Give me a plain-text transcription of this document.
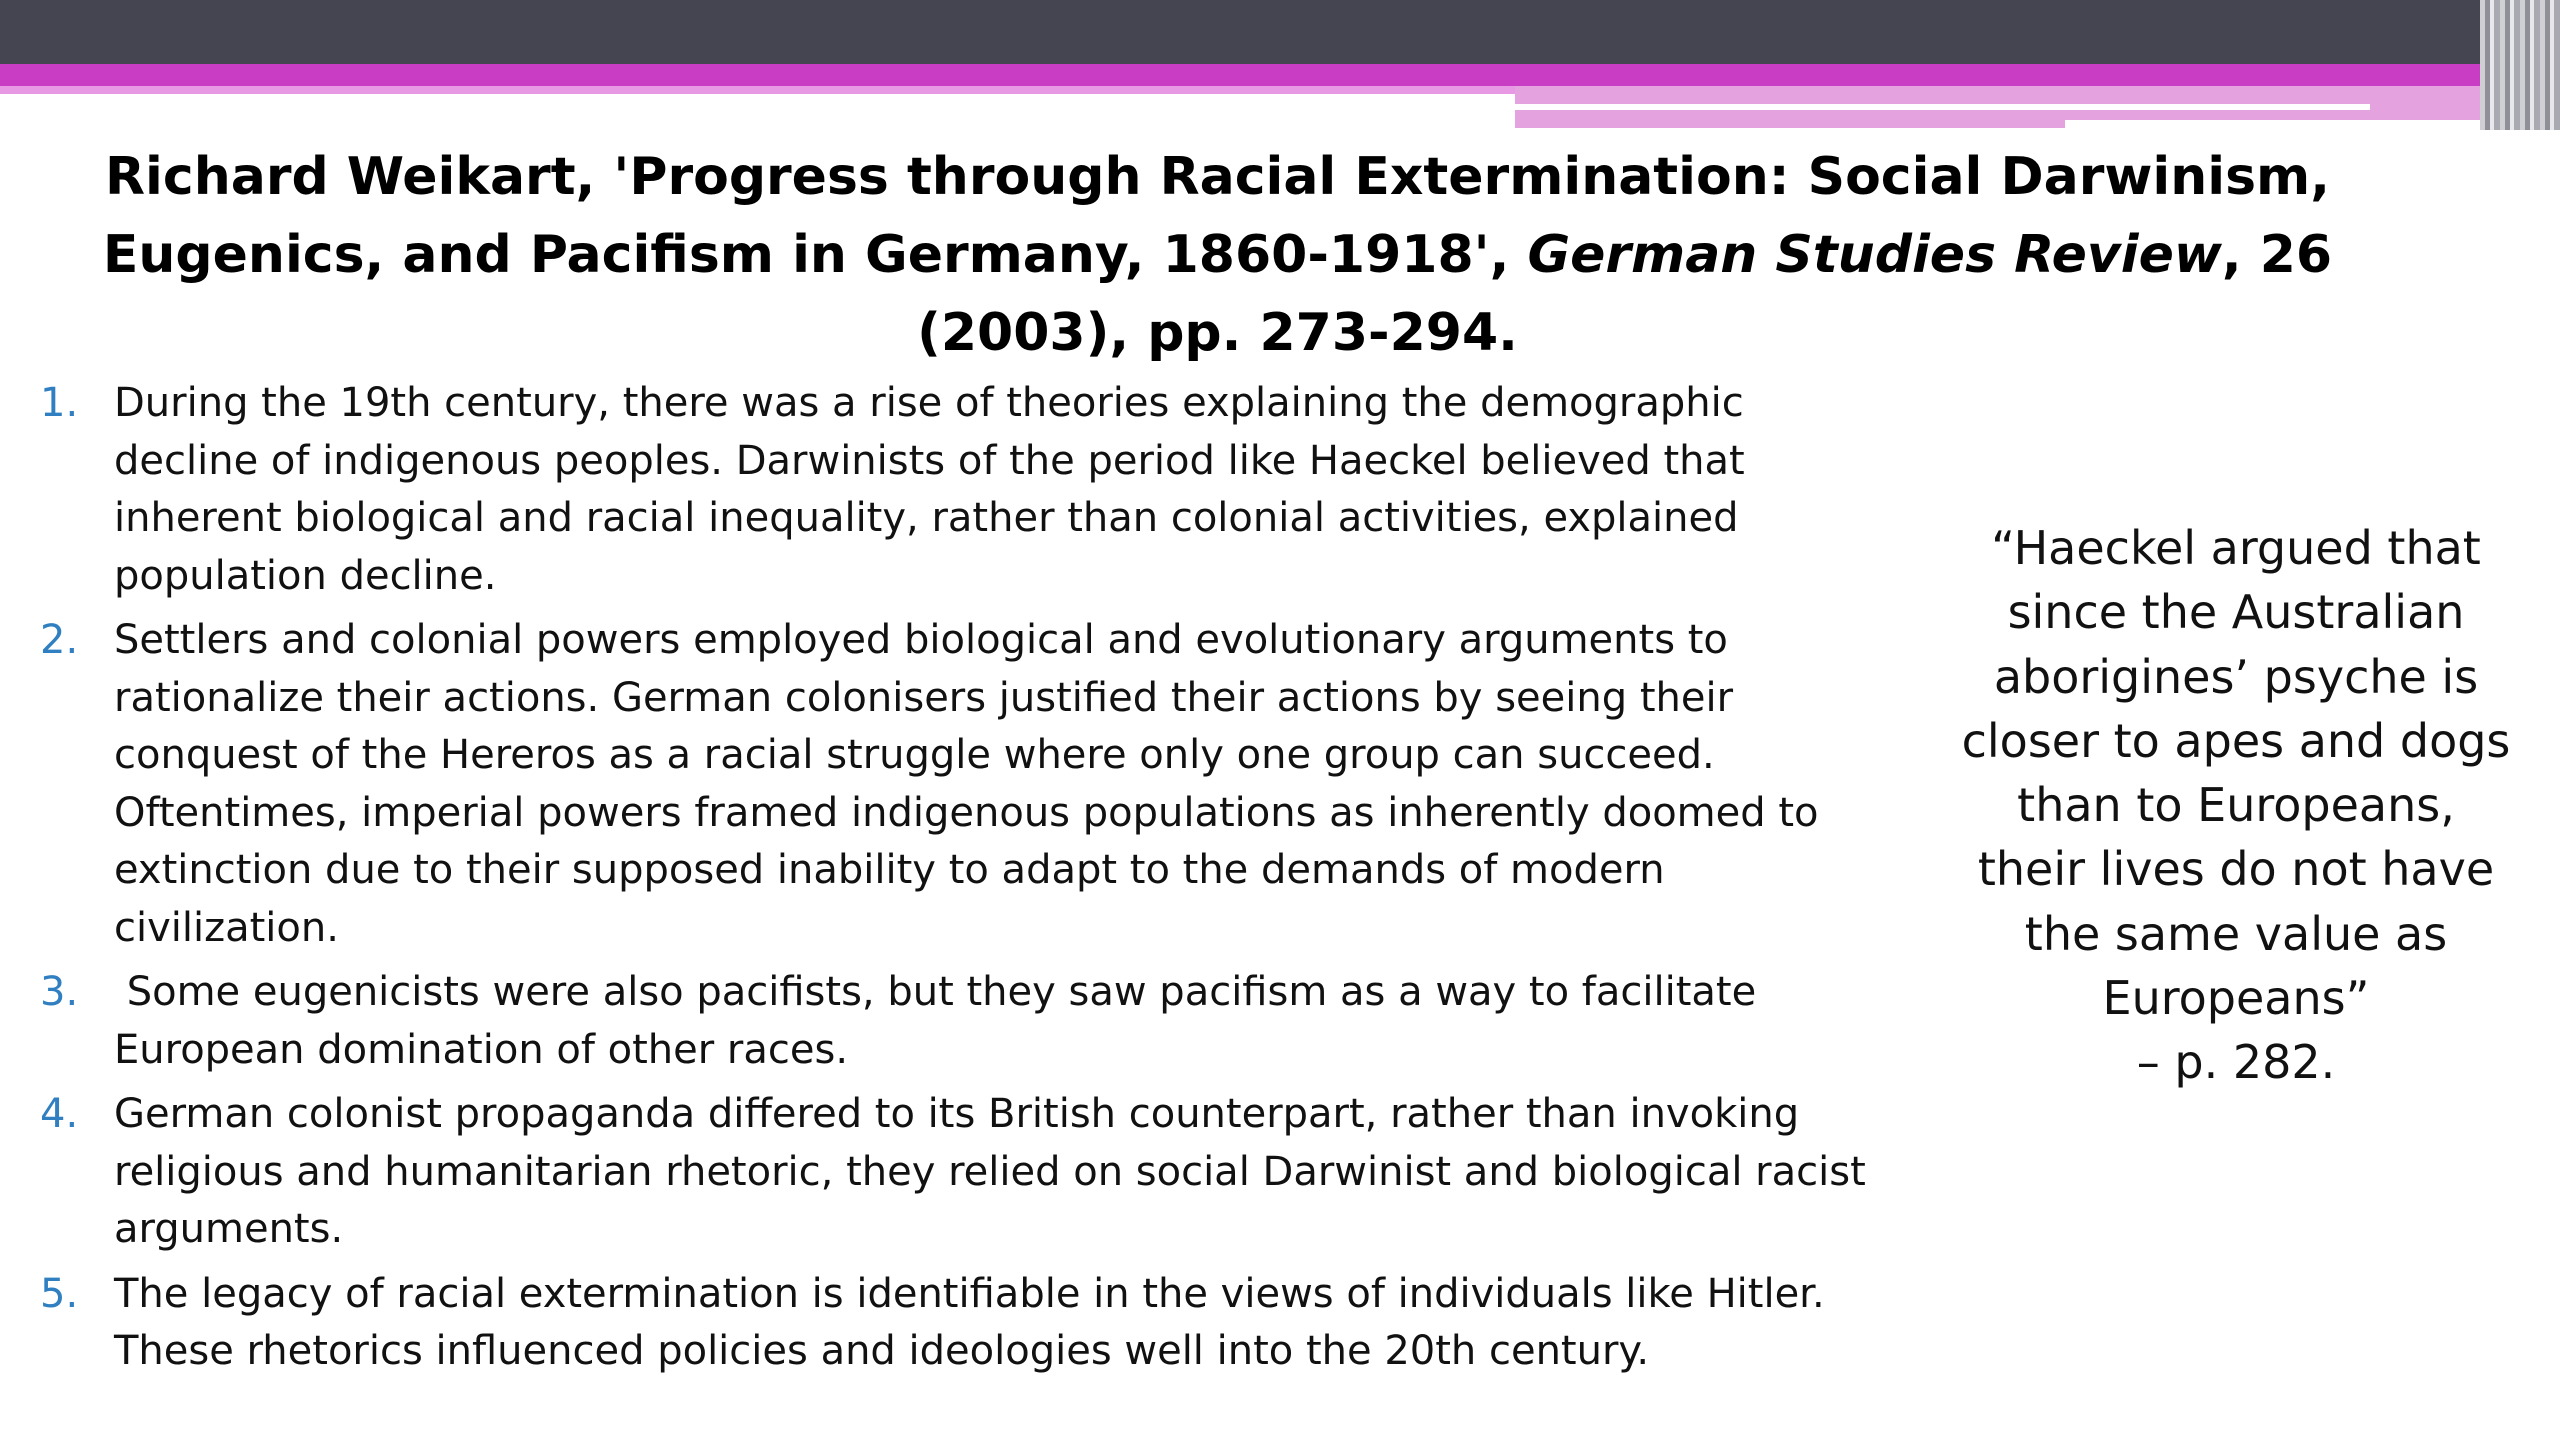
Richard Weikart, 'Progress through Racial Extermination: Social Darwinism, Eugenics, and Pacifism in Germany, 1860-1918', German Studies Review, 26 (2003), pp. 273-294.
1. During the 19th century, there was a rise of theories explaining the demographic decline of indigenous peoples. Darwinists of the period like Haeckel believed that inherent biological and racial inequality, rather than colonial activities, explained population decline.
2. Settlers and colonial powers employed biological and evolutionary arguments to rationalize their actions. German colonisers justified their actions by seeing their conquest of the Hereros as a racial struggle where only one group can succeed. Oftentimes, imperial powers framed indigenous populations as inherently doomed to extinction due to their supposed inability to adapt to the demands of modern civilization.
3. Some eugenicists were also pacifists, but they saw pacifism as a way to facilitate European domination of other races.
4. German colonist propaganda differed to its British counterpart, rather than invoking religious and humanitarian rhetoric, they relied on social Darwinist and biological racist arguments.
5. The legacy of racial extermination is identifiable in the views of individuals like Hitler. These rhetorics influenced policies and ideologies well into the 20th century.
“Haeckel argued that since the Australian aborigines’ psyche is closer to apes and dogs than to Europeans, their lives do not have the same value as Europeans”
– p. 282.
